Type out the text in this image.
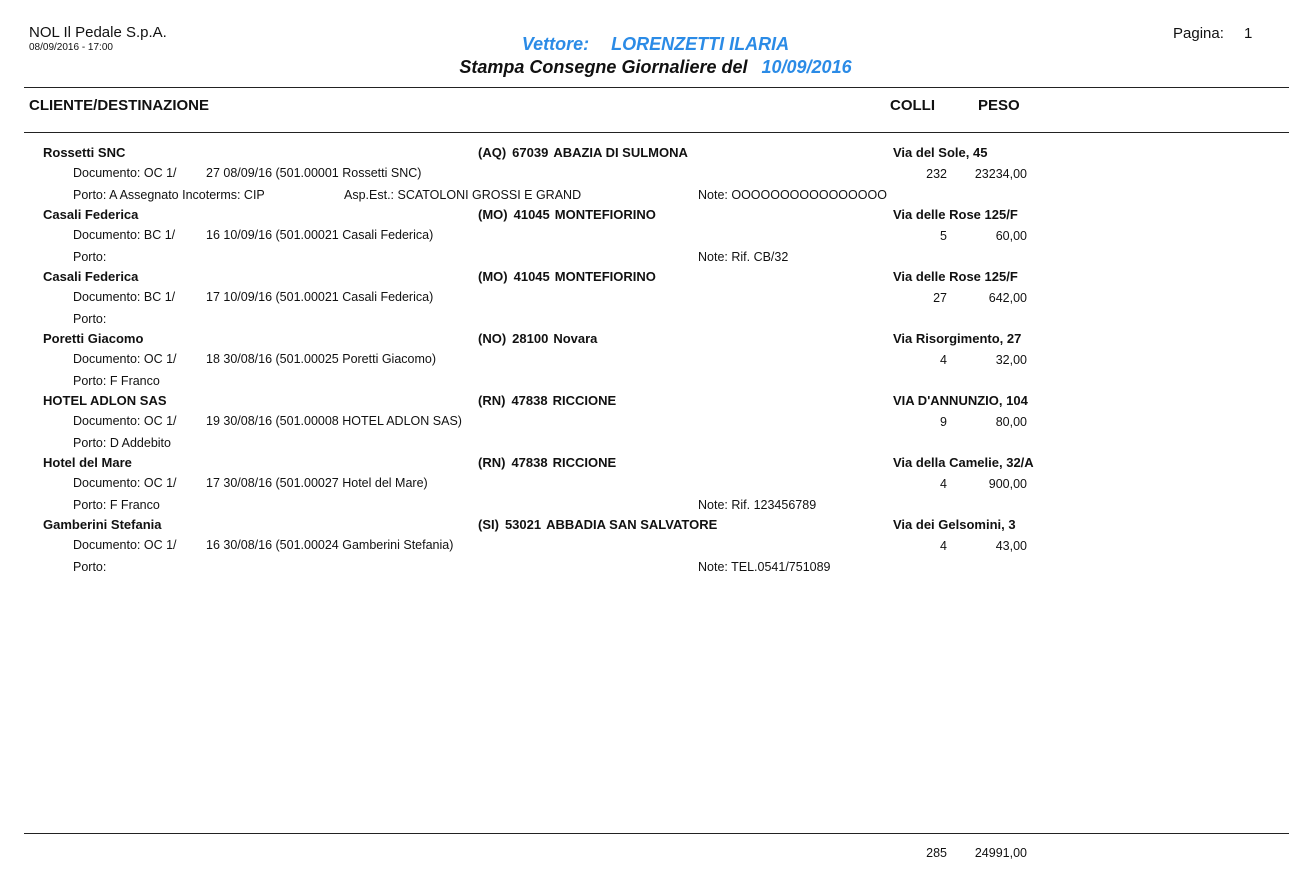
NOL Il Pedale S.p.A.
08/09/2016 - 17:00	Vettore: LORENZETTI ILARIA
Stampa Consegne Giornaliere del 10/09/2016
Pagina: 1
CLIENTE/DESTINAZIONE	COLLI	PESO
Rossetti SNC	(AQ) 67039 ABAZIA DI SULMONA	Via del Sole, 45
Documento: OC 1/ 27 08/09/16 (501.00001 Rossetti SNC)	232	23234,00
Porto: A Assegnato Incoterms: CIP	Asp.Est.: SCATOLONI GROSSI E GRAND	Note: OOOOOOOOOOOOOOOO
Casali Federica	(MO) 41045 MONTEFIORINO	Via delle Rose 125/F
Documento: BC 1/ 16 10/09/16 (501.00021 Casali Federica)	5	60,00
Porto:	Note: Rif. CB/32
Casali Federica	(MO) 41045 MONTEFIORINO	Via delle Rose 125/F
Documento: BC 1/ 17 10/09/16 (501.00021 Casali Federica)	27	642,00
Porto:
Poretti Giacomo	(NO) 28100 Novara	Via Risorgimento, 27
Documento: OC 1/ 18 30/08/16 (501.00025 Poretti Giacomo)	4	32,00
Porto: F Franco
HOTEL ADLON SAS	(RN) 47838 RICCIONE	VIA D'ANNUNZIO, 104
Documento: OC 1/ 19 30/08/16 (501.00008 HOTEL ADLON SAS)	9	80,00
Porto: D Addebito
Hotel del Mare	(RN) 47838 RICCIONE	Via della Camelie, 32/A
Documento: OC 1/ 17 30/08/16 (501.00027 Hotel del Mare)	4	900,00
Porto: F Franco	Note: Rif. 123456789
Gamberini Stefania	(SI) 53021 ABBADIA SAN SALVATORE	Via dei Gelsomini, 3
Documento: OC 1/ 16 30/08/16 (501.00024 Gamberini Stefania)	4	43,00
Porto:	Note: TEL.0541/751089
285	24991,00
